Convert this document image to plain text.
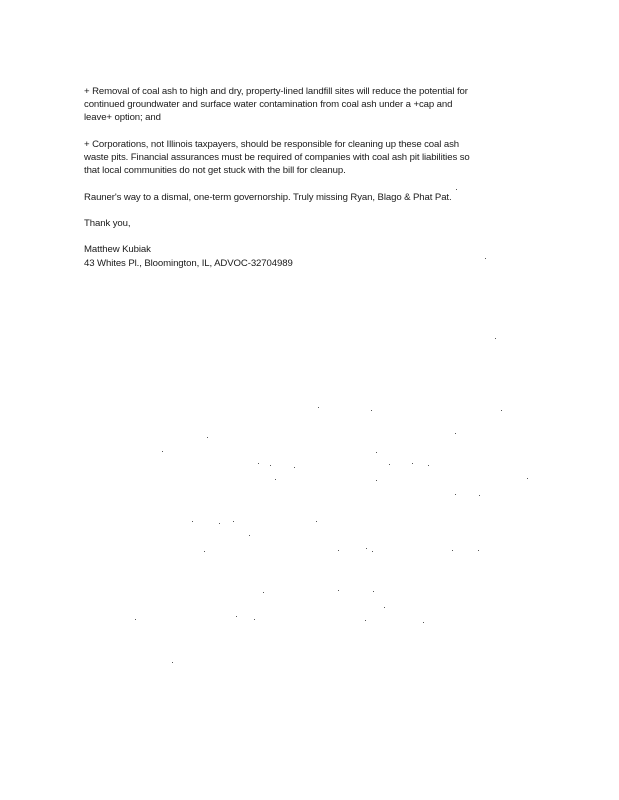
+ Removal of coal ash to high and dry, property-lined landfill sites will reduce the potential for
continued groundwater and surface water contamination from coal ash under a +cap and
leave+ option; and
+ Corporations, not Illinois taxpayers, should be responsible for cleaning up these coal ash
waste pits. Financial assurances must be required of companies with coal ash pit liabilities so
that local communities do not get stuck with the bill for cleanup.
Rauner's way to a dismal, one-term governorship. Truly missing Ryan, Blago & Phat Pat.
Thank you,
Matthew Kubiak
43 Whites Pl., Bloomington, IL, ADVOC-32704989
